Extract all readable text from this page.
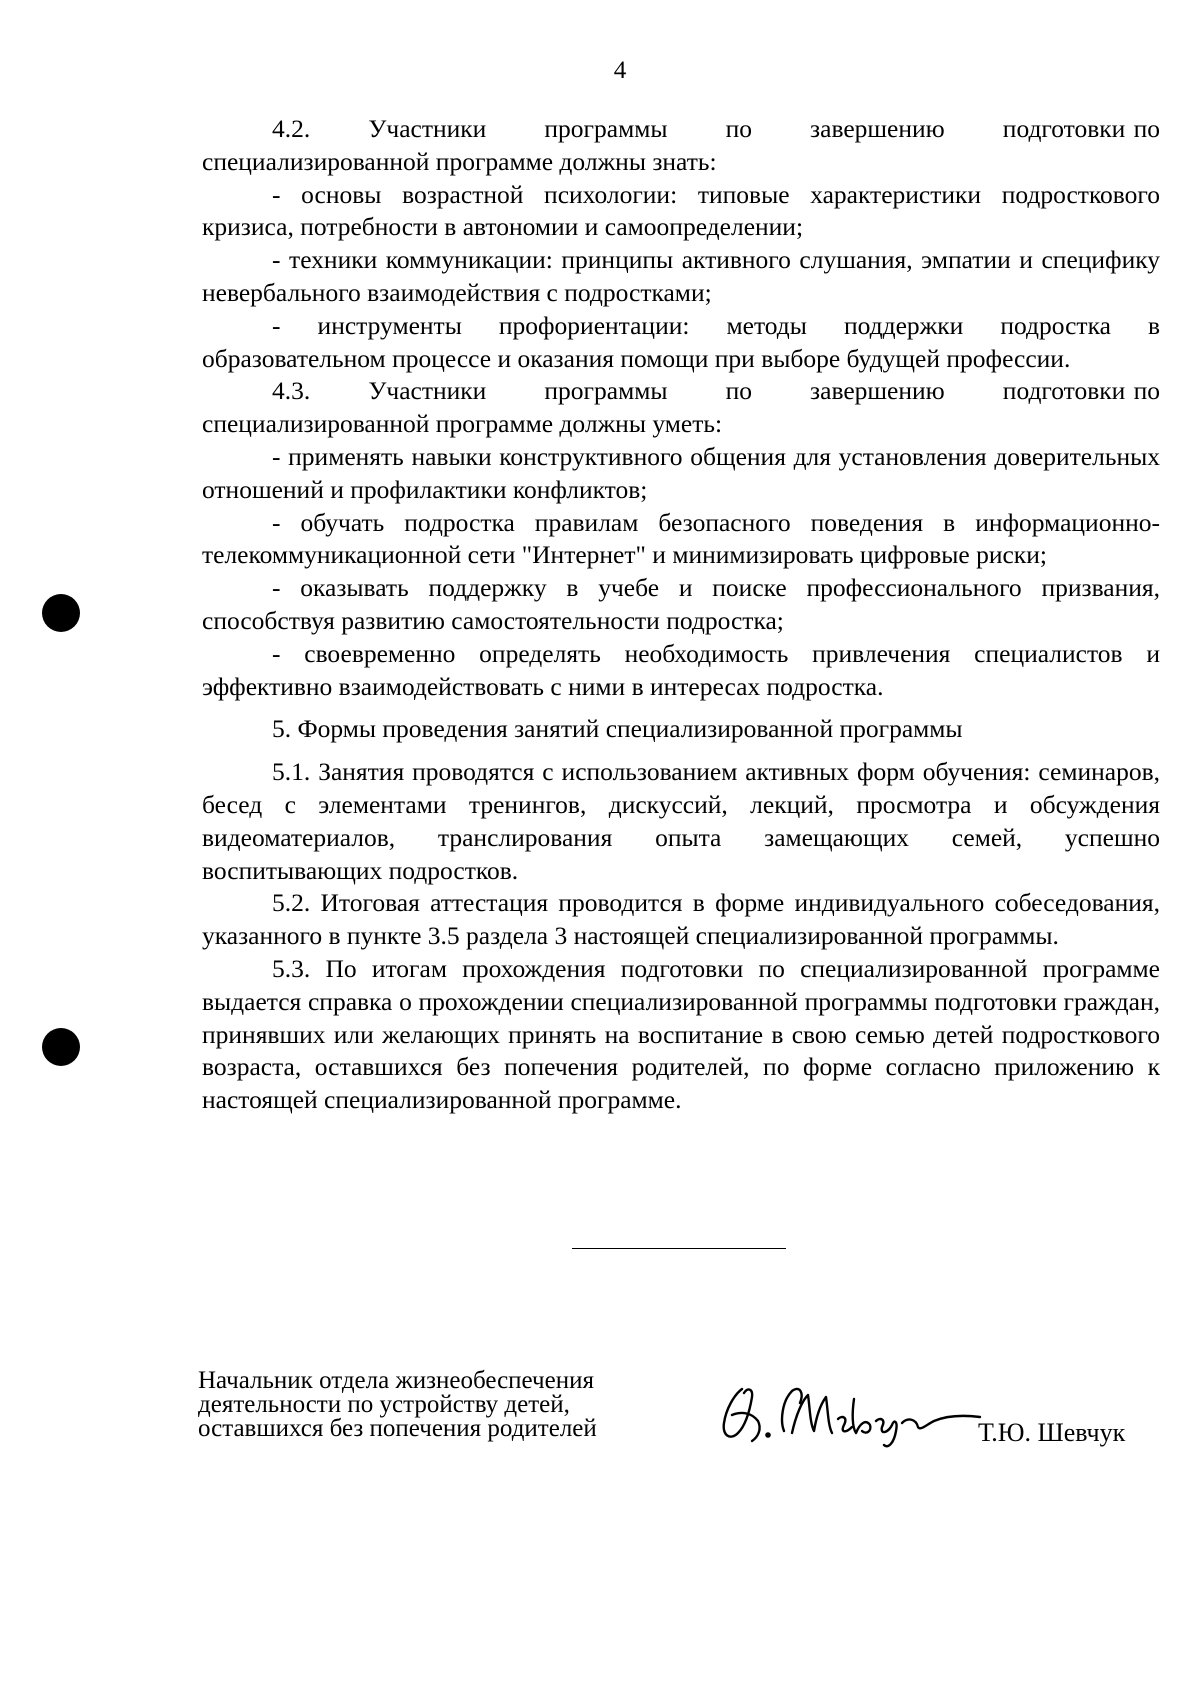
4

4.2.       Участники       программы       по       завершению       подготовки по специализированной программе должны знать:

- основы возрастной психологии: типовые характеристики подросткового кризиса, потребности в автономии и самоопределении;

- техники коммуникации: принципы активного слушания, эмпатии и специфику невербального взаимодействия с подростками;

- инструменты профориентации: методы поддержки подростка в образовательном процессе и оказания помощи при выборе будущей профессии.

4.3.       Участники       программы       по       завершению       подготовки по специализированной программе должны уметь:

- применять навыки конструктивного общения для установления доверительных отношений и профилактики конфликтов;

- обучать подростка правилам безопасного поведения в информационно-телекоммуникационной сети "Интернет" и минимизировать цифровые риски;

- оказывать поддержку в учебе и поиске профессионального призвания, способствуя развитию самостоятельности подростка;

- своевременно определять необходимость привлечения специалистов и эффективно взаимодействовать с ними в интересах подростка.

5. Формы проведения занятий специализированной программы

5.1. Занятия проводятся с использованием активных форм обучения: семинаров, бесед с элементами тренингов, дискуссий, лекций, просмотра и обсуждения видеоматериалов, транслирования опыта замещающих семей, успешно воспитывающих подростков.

5.2. Итоговая аттестация проводится в форме индивидуального собеседования, указанного в пункте 3.5 раздела 3 настоящей специализированной программы.

5.3. По итогам прохождения подготовки по специализированной программе выдается справка о прохождении специализированной программы подготовки граждан, принявших или желающих принять на воспитание в свою семью детей подросткового возраста, оставшихся без попечения родителей, по форме согласно приложению к настоящей специализированной программе.

Начальник отдела жизнеобеспечения
деятельности по устройству детей,
оставшихся без попечения родителей	Т.Ю. Шевчук
